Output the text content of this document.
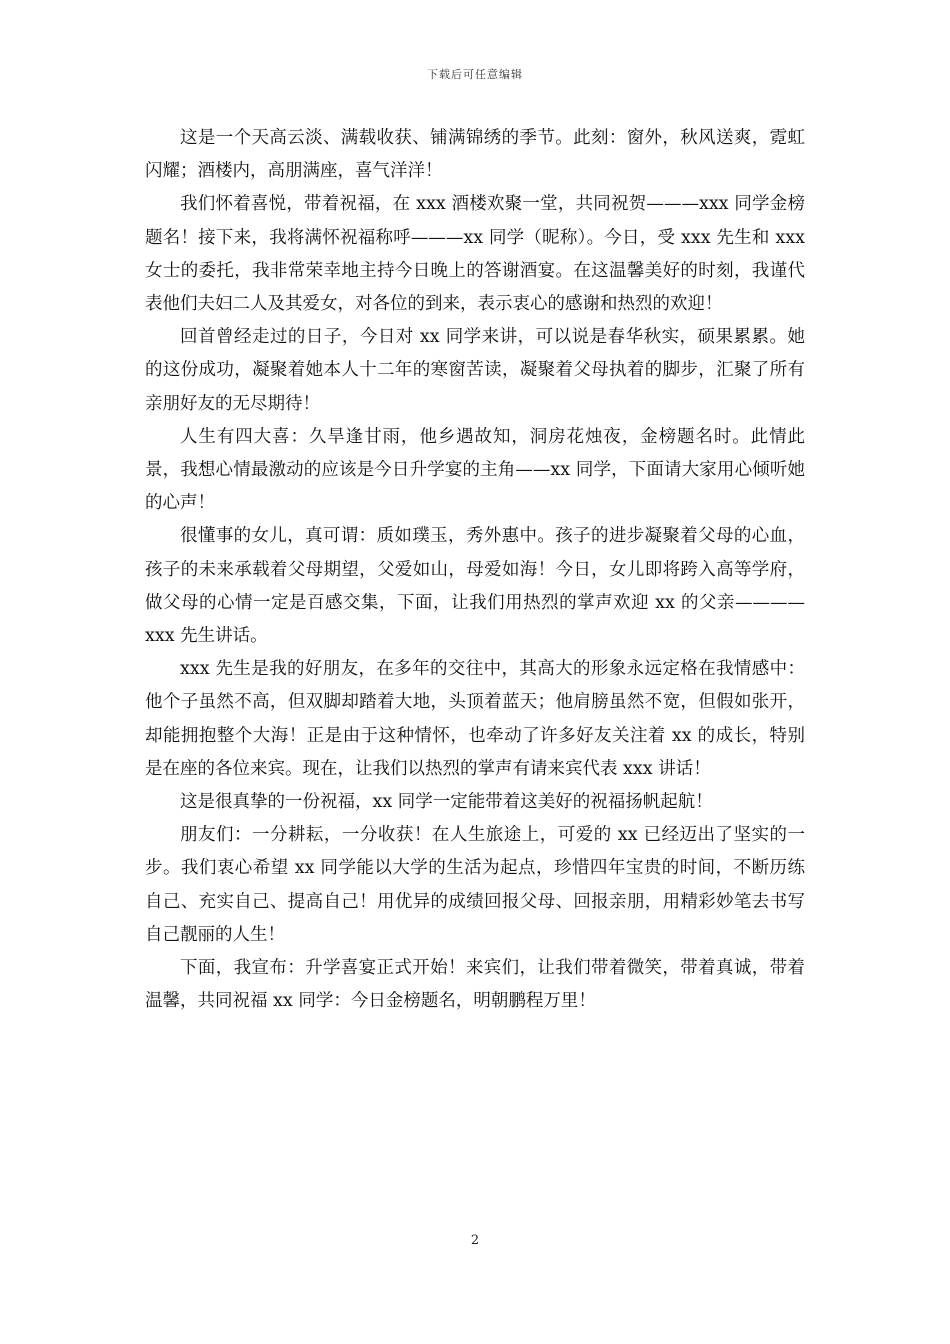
下载后可任意编辑

这是一个天高云淡、满载收获、铺满锦绣的季节。此刻：窗外，秋风送爽，霓虹闪耀；酒楼内，高朋满座，喜气洋洋！

我们怀着喜悦，带着祝福，在 xxx 酒楼欢聚一堂，共同祝贺———xxx 同学金榜题名！接下来，我将满怀祝福称呼———xx 同学（昵称）。今日，受 xxx 先生和 xxx 女士的委托，我非常荣幸地主持今日晚上的答谢酒宴。在这温馨美好的时刻，我谨代表他们夫妇二人及其爱女，对各位的到来，表示衷心的感谢和热烈的欢迎！

回首曾经走过的日子，今日对 xx 同学来讲，可以说是春华秋实，硕果累累。她的这份成功，凝聚着她本人十二年的寒窗苦读，凝聚着父母执着的脚步，汇聚了所有亲朋好友的无尽期待！

人生有四大喜：久旱逢甘雨，他乡遇故知，洞房花烛夜，金榜题名时。此情此景，我想心情最激动的应该是今日升学宴的主角——xx 同学，下面请大家用心倾听她的心声！

很懂事的女儿，真可谓：质如璞玉，秀外惠中。孩子的进步凝聚着父母的心血，孩子的未来承载着父母期望，父爱如山，母爱如海！今日，女儿即将跨入高等学府，做父母的心情一定是百感交集，下面，让我们用热烈的掌声欢迎 xx 的父亲————xxx 先生讲话。

xxx 先生是我的好朋友，在多年的交往中，其高大的形象永远定格在我情感中：他个子虽然不高，但双脚却踏着大地，头顶着蓝天；他肩膀虽然不宽，但假如张开，却能拥抱整个大海！正是由于这种情怀，也牵动了许多好友关注着 xx 的成长，特别是在座的各位来宾。现在，让我们以热烈的掌声有请来宾代表 xxx 讲话！

这是很真挚的一份祝福，xx 同学一定能带着这美好的祝福扬帆起航！

朋友们：一分耕耘，一分收获！在人生旅途上，可爱的 xx 已经迈出了坚实的一步。我们衷心希望 xx 同学能以大学的生活为起点，珍惜四年宝贵的时间，不断历练自己、充实自己、提高自己！用优异的成绩回报父母、回报亲朋，用精彩妙笔去书写自己靓丽的人生！

下面，我宣布：升学喜宴正式开始！来宾们，让我们带着微笑，带着真诚，带着温馨，共同祝福 xx 同学：今日金榜题名，明朝鹏程万里！

2
